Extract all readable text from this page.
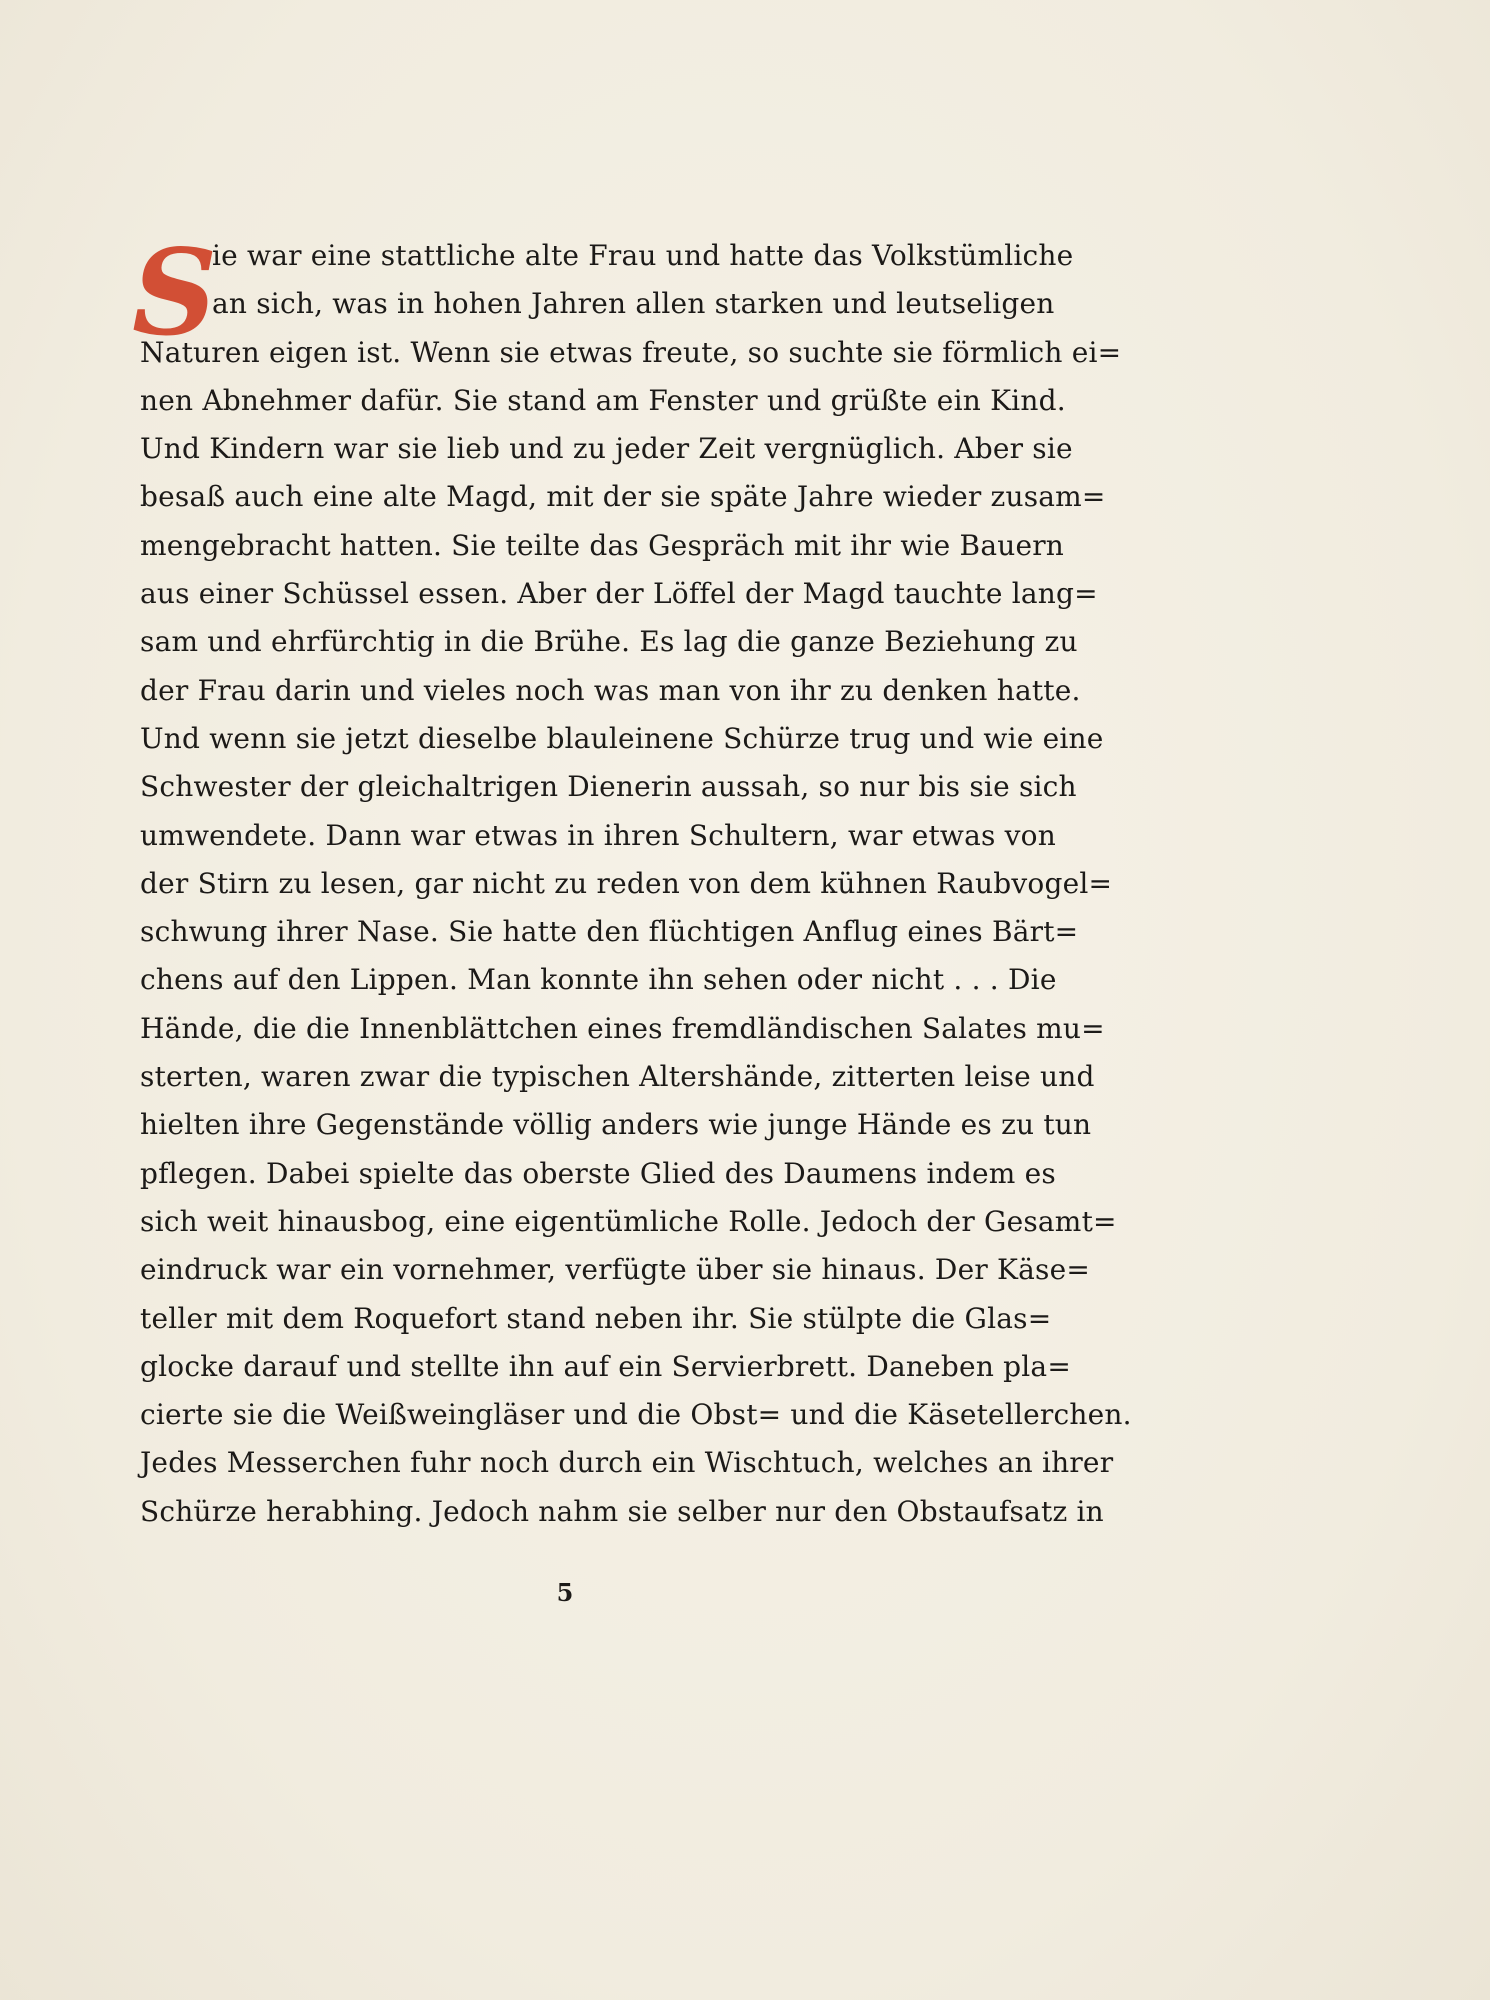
S
ie war eine stattliche alte Frau und hatte das Volkstümliche
an sich, was in hohen Jahren allen starken und leutseligen
Naturen eigen ist. Wenn sie etwas freute, so suchte sie förmlich ei=
nen Abnehmer dafür. Sie stand am Fenster und grüßte ein Kind.
Und Kindern war sie lieb und zu jeder Zeit vergnüglich. Aber sie
besaß auch eine alte Magd, mit der sie späte Jahre wieder zusam=
mengebracht hatten. Sie teilte das Gespräch mit ihr wie Bauern
aus einer Schüssel essen. Aber der Löffel der Magd tauchte lang=
sam und ehrfürchtig in die Brühe. Es lag die ganze Beziehung zu
der Frau darin und vieles noch was man von ihr zu denken hatte.
Und wenn sie jetzt dieselbe blauleinene Schürze trug und wie eine
Schwester der gleichaltrigen Dienerin aussah, so nur bis sie sich
umwendete. Dann war etwas in ihren Schultern, war etwas von
der Stirn zu lesen, gar nicht zu reden von dem kühnen Raubvogel=
schwung ihrer Nase. Sie hatte den flüchtigen Anflug eines Bärt=
chens auf den Lippen. Man konnte ihn sehen oder nicht . . . Die
Hände, die die Innenblättchen eines fremdländischen Salates mu=
sterten, waren zwar die typischen Altershände, zitterten leise und
hielten ihre Gegenstände völlig anders wie junge Hände es zu tun
pflegen. Dabei spielte das oberste Glied des Daumens indem es
sich weit hinausbog, eine eigentümliche Rolle. Jedoch der Gesamt=
eindruck war ein vornehmer, verfügte über sie hinaus. Der Käse=
teller mit dem Roquefort stand neben ihr. Sie stülpte die Glas=
glocke darauf und stellte ihn auf ein Servierbrett. Daneben pla=
cierte sie die Weißweingläser und die Obst= und die Käsetellerchen.
Jedes Messerchen fuhr noch durch ein Wischtuch, welches an ihrer
Schürze herabhing. Jedoch nahm sie selber nur den Obstaufsatz in
5
